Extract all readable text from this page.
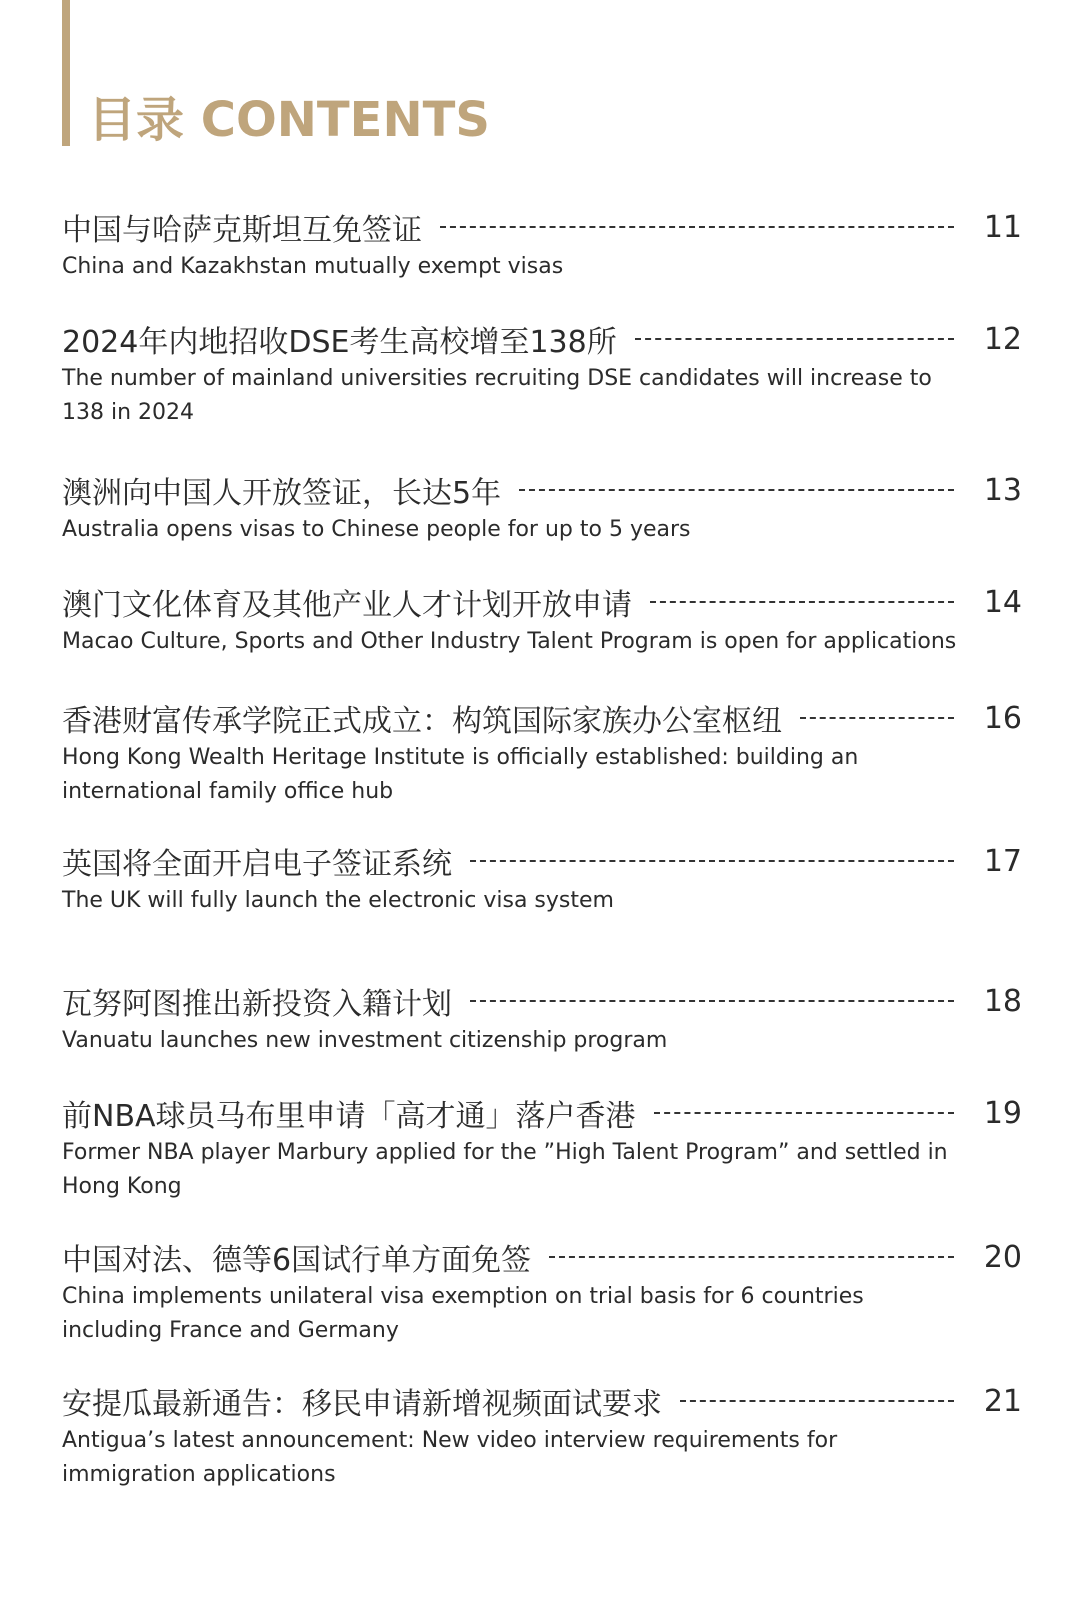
目录 CONTENTS
中国与哈萨克斯坦互免签证	11
China and Kazakhstan mutually exempt visas
2024年内地招收DSE考生高校增至138所	12
The number of mainland universities recruiting DSE candidates will increase to 138 in 2024
澳洲向中国人开放签证，长达5年	13
Australia opens visas to Chinese people for up to 5 years
澳门文化体育及其他产业人才计划开放申请	14
Macao Culture, Sports and Other Industry Talent Program is open for applications
香港财富传承学院正式成立：构筑国际家族办公室枢纽	16
Hong Kong Wealth Heritage Institute is officially established: building an international family office hub
英国将全面开启电子签证系统	17
The UK will fully launch the electronic visa system
瓦努阿图推出新投资入籍计划	18
Vanuatu launches new investment citizenship program
前NBA球员马布里申请「高才通」落户香港	19
Former NBA player Marbury applied for the ”High Talent Program” and settled in Hong Kong
中国对法、德等6国试行单方面免签	20
China implements unilateral visa exemption on trial basis for 6 countries including France and Germany
安提瓜最新通告：移民申请新增视频面试要求	21
Antigua’s latest announcement: New video interview requirements for immigration applications
